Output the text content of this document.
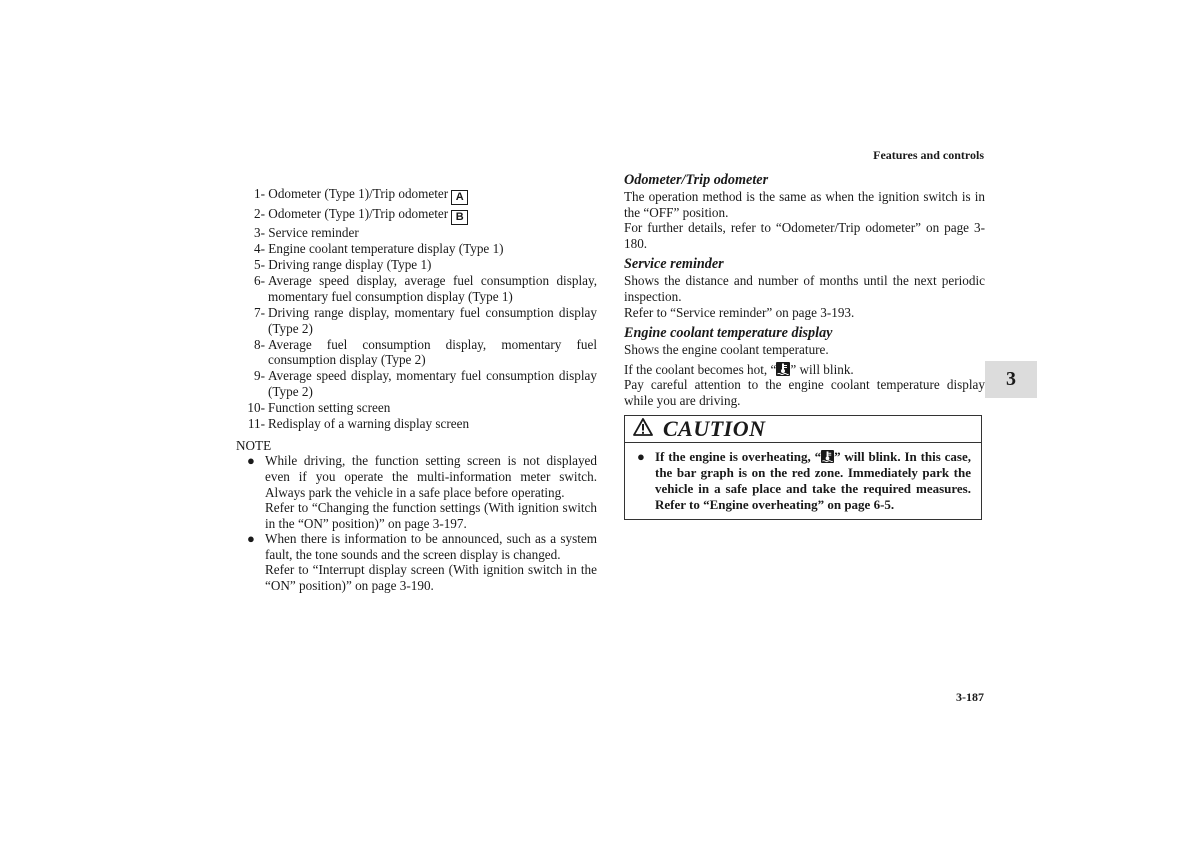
Features and controls
3
3-187
1- Odometer (Type 1)/Trip odometer A
2- Odometer (Type 1)/Trip odometer B
3- Service reminder
4- Engine coolant temperature display (Type 1)
5- Driving range display (Type 1)
6- Average speed display, average fuel consumption display, momentary fuel consumption display (Type 1)
7- Driving range display, momentary fuel consumption display (Type 2)
8- Average fuel consumption display, momentary fuel consumption display (Type 2)
9- Average speed display, momentary fuel consumption display (Type 2)
10- Function setting screen
11- Redisplay of a warning display screen
NOTE
● While driving, the function setting screen is not displayed even if you operate the multi-information meter switch. Always park the vehicle in a safe place before operating.
Refer to “Changing the function settings (With ignition switch in the “ON” position)” on page 3-197.
● When there is information to be announced, such as a system fault, the tone sounds and the screen display is changed.
Refer to “Interrupt display screen (With ignition switch in the “ON” position)” on page 3-190.
Odometer/Trip odometer
The operation method is the same as when the ignition switch is in the “OFF” position.
For further details, refer to “Odometer/Trip odometer” on page 3-180.
Service reminder
Shows the distance and number of months until the next periodic inspection.
Refer to “Service reminder” on page 3-193.
Engine coolant temperature display
Shows the engine coolant temperature.
If the coolant becomes hot, “ ” will blink.
Pay careful attention to the engine coolant temperature display while you are driving.
CAUTION
● If the engine is overheating, “ ” will blink. In this case, the bar graph is on the red zone. Immediately park the vehicle in a safe place and take the required measures. Refer to “Engine overheating” on page 6-5.
